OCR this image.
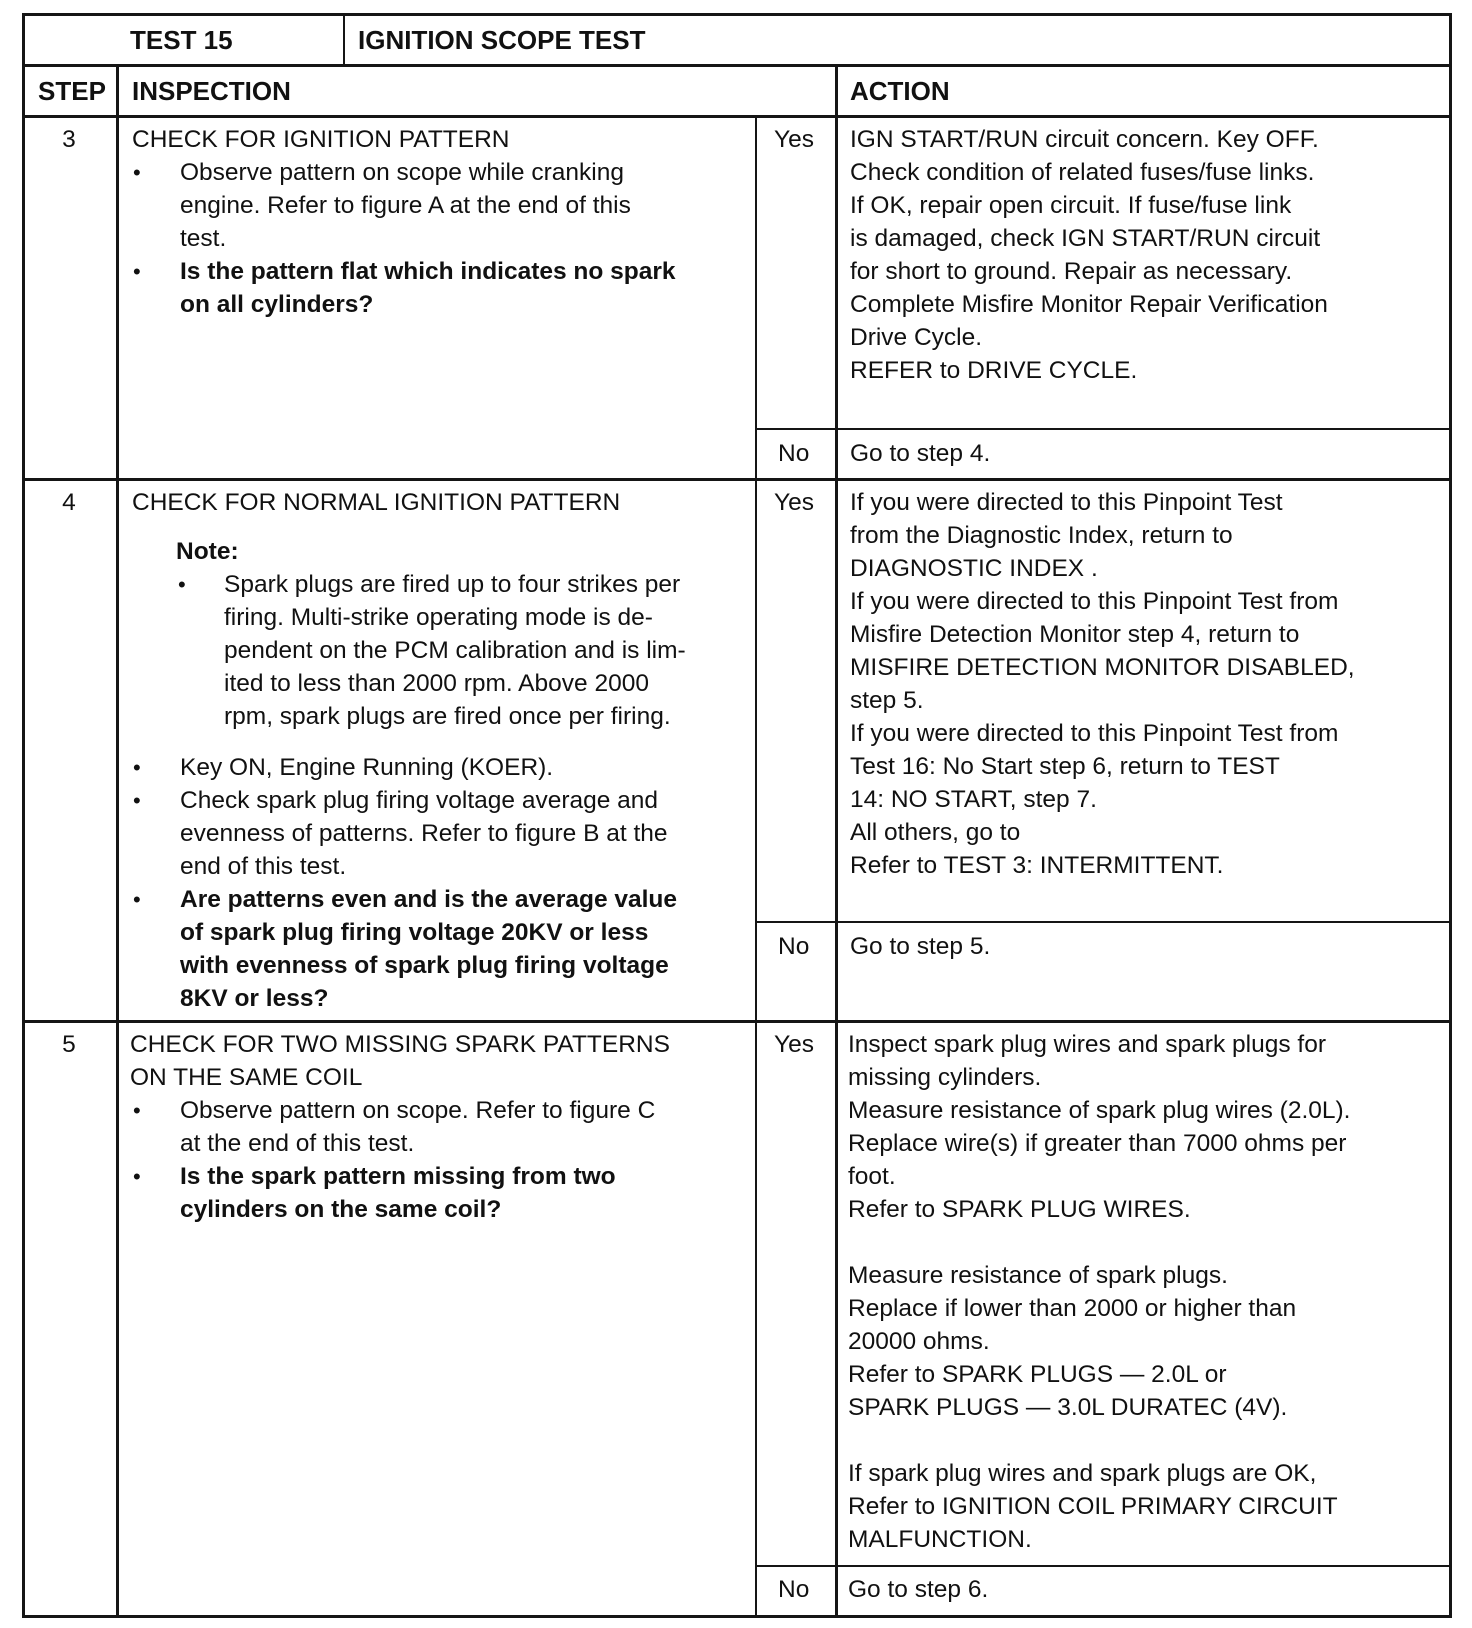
TEST 15	IGNITION SCOPE TEST
STEP INSPECTION	ACTION
3	CHECK FOR IGNITION PATTERN
• Observe pattern on scope while cranking
engine. Refer to figure A at the end of this
test.
• Is the pattern flat which indicates no spark
on all cylinders?
Yes IGN START/RUN circuit concern. Key OFF.
Check condition of related fuses/fuse links.
If OK, repair open circuit. If fuse/fuse link
is damaged, check IGN START/RUN circuit
for short to ground. Repair as necessary.
Complete Misfire Monitor Repair Verification
Drive Cycle.
REFER to DRIVE CYCLE.
No Go to step 4.
4	CHECK FOR NORMAL IGNITION PATTERN
Note:
• Spark plugs are fired up to four strikes per
firing. Multi-strike operating mode is de-
pendent on the PCM calibration and is lim-
ited to less than 2000 rpm. Above 2000
rpm, spark plugs are fired once per firing.
• Key ON, Engine Running (KOER).
• Check spark plug firing voltage average and
evenness of patterns. Refer to figure B at the
end of this test.
• Are patterns even and is the average value
of spark plug firing voltage 20KV or less
with evenness of spark plug firing voltage
8KV or less?
Yes If you were directed to this Pinpoint Test
from the Diagnostic Index, return to
DIAGNOSTIC INDEX .
If you were directed to this Pinpoint Test from
Misfire Detection Monitor step 4, return to
MISFIRE DETECTION MONITOR DISABLED,
step 5.
If you were directed to this Pinpoint Test from
Test 16: No Start step 6, return to TEST
14: NO START, step 7.
All others, go to
Refer to TEST 3: INTERMITTENT.
No Go to step 5.
5	CHECK FOR TWO MISSING SPARK PATTERNS
ON THE SAME COIL
• Observe pattern on scope. Refer to figure C
at the end of this test.
• Is the spark pattern missing from two
cylinders on the same coil?
Yes Inspect spark plug wires and spark plugs for
missing cylinders.
Measure resistance of spark plug wires (2.0L).
Replace wire(s) if greater than 7000 ohms per
foot.
Refer to SPARK PLUG WIRES.
Measure resistance of spark plugs.
Replace if lower than 2000 or higher than
20000 ohms.
Refer to SPARK PLUGS — 2.0L or
SPARK PLUGS — 3.0L DURATEC (4V).
If spark plug wires and spark plugs are OK,
Refer to IGNITION COIL PRIMARY CIRCUIT
MALFUNCTION.
No Go to step 6.
